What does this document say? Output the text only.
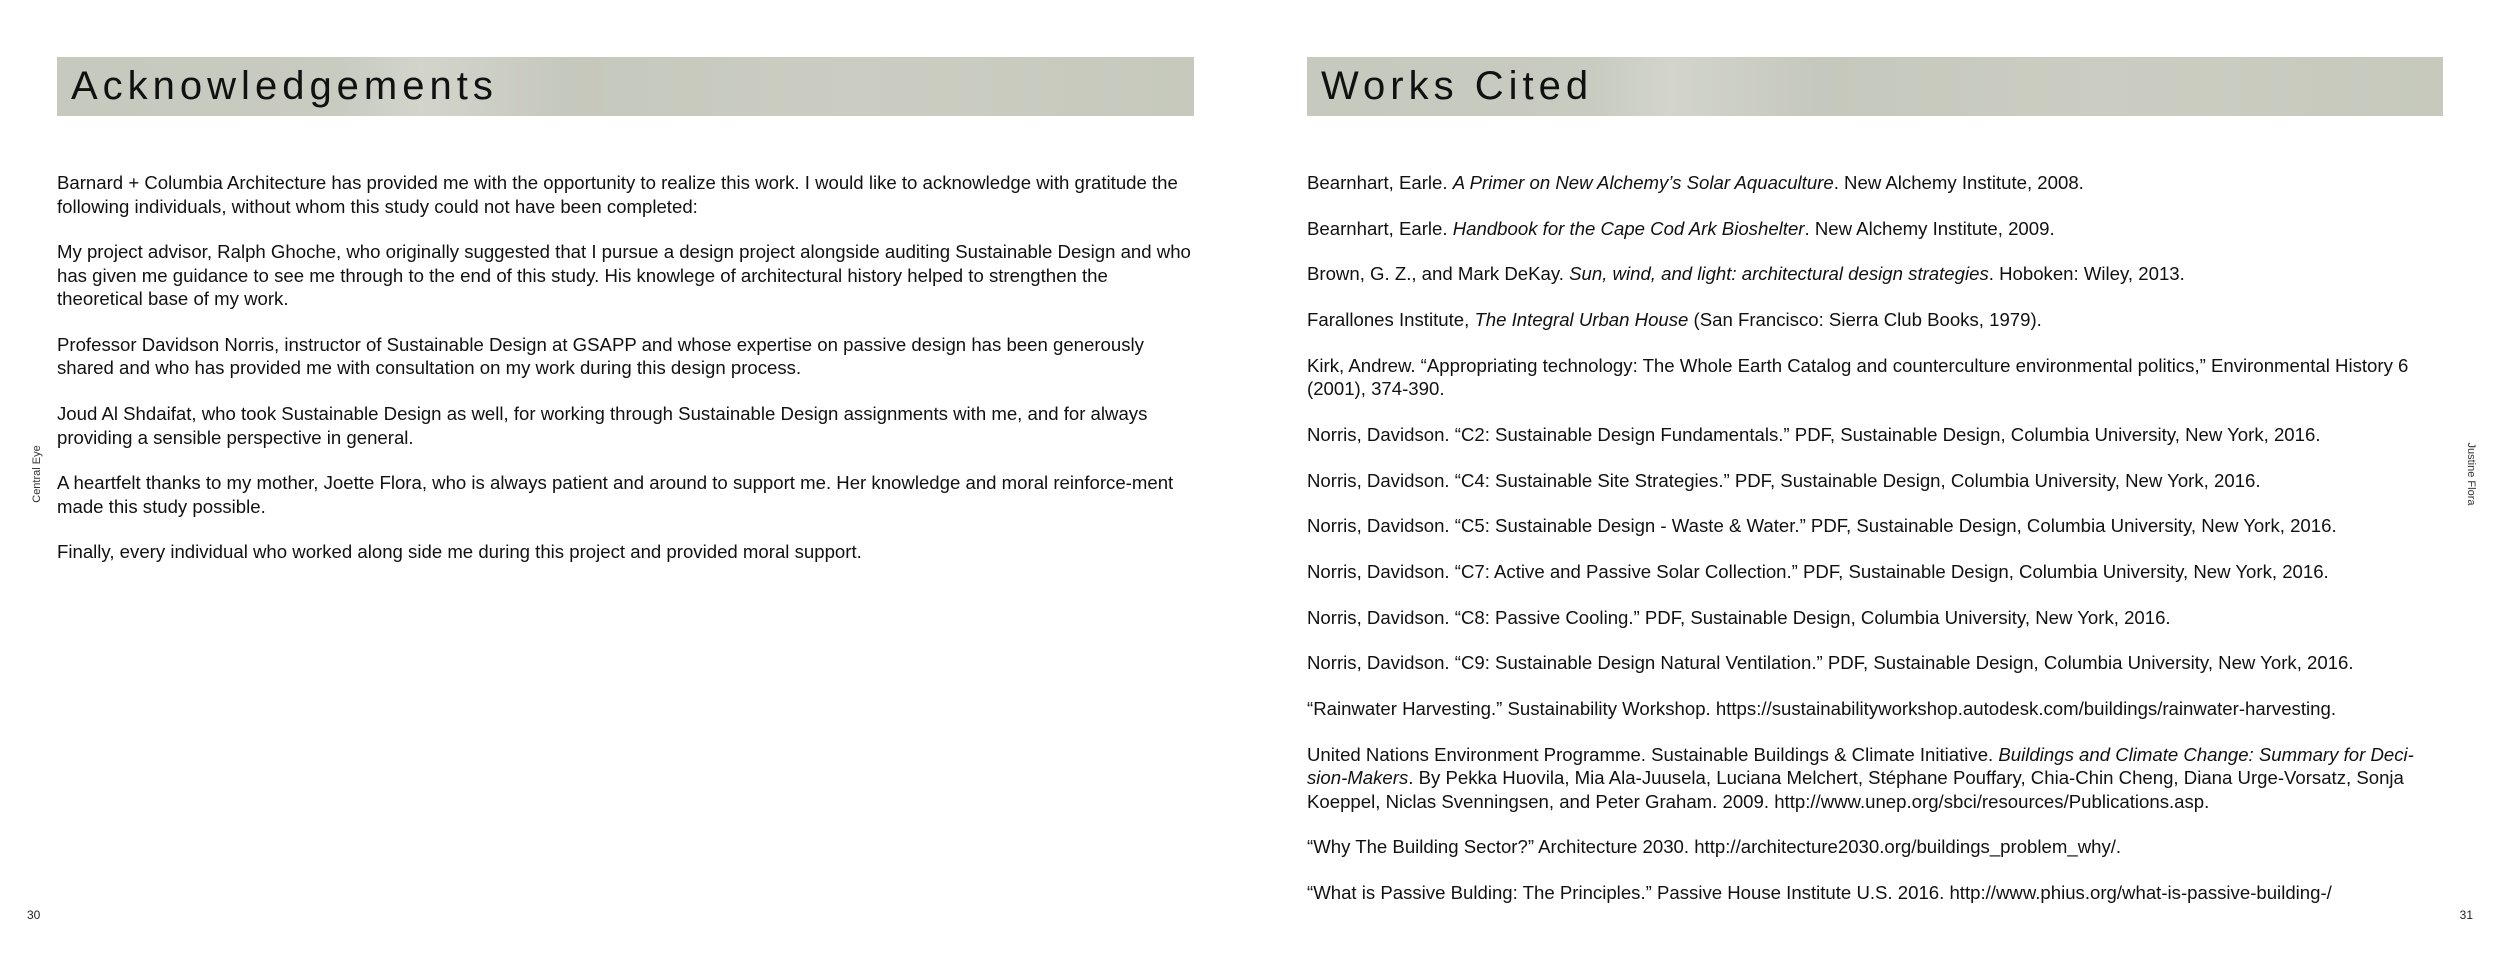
Acknowledgements

Barnard + Columbia Architecture has provided me with the opportunity to realize this work. I would like to acknowledge with gratitude the following individuals, without whom this study could not have been completed:

My project advisor, Ralph Ghoche, who originally suggested that I pursue a design project alongside auditing Sustainable Design and who has given me guidance to see me through to the end of this study. His knowlege of architectural history helped to strengthen the theoretical base of my work.

Professor Davidson Norris, instructor of Sustainable Design at GSAPP and whose expertise on passive design has been generously shared and who has provided me with consultation on my work during this design process.

Joud Al Shdaifat, who took Sustainable Design as well, for working through Sustainable Design assignments with me, and for always providing a sensible perspective in general.

A heartfelt thanks to my mother, Joette Flora, who is always patient and around to support me. Her knowledge and moral reinforce-ment made this study possible.

Finally, every individual who worked along side me during this project and provided moral support.

Central Eye
30
Works Cited

Bearnhart, Earle. A Primer on New Alchemy’s Solar Aquaculture. New Alchemy Institute, 2008.

Bearnhart, Earle. Handbook for the Cape Cod Ark Bioshelter. New Alchemy Institute, 2009.

Brown, G. Z., and Mark DeKay. Sun, wind, and light: architectural design strategies. Hoboken: Wiley, 2013.

Farallones Institute, The Integral Urban House (San Francisco: Sierra Club Books, 1979).

Kirk, Andrew. “Appropriating technology: The Whole Earth Catalog and counterculture environmental politics,” Environmental History 6 (2001), 374-390.

Norris, Davidson. “C2: Sustainable Design Fundamentals.” PDF, Sustainable Design, Columbia University, New York, 2016.

Norris, Davidson. “C4: Sustainable Site Strategies.” PDF, Sustainable Design, Columbia University, New York, 2016.

Norris, Davidson. “C5: Sustainable Design - Waste & Water.” PDF, Sustainable Design, Columbia University, New York, 2016.

Norris, Davidson. “C7: Active and Passive Solar Collection.” PDF, Sustainable Design, Columbia University, New York, 2016.

Norris, Davidson. “C8: Passive Cooling.” PDF, Sustainable Design, Columbia University, New York, 2016.

Norris, Davidson. “C9: Sustainable Design Natural Ventilation.” PDF, Sustainable Design, Columbia University, New York, 2016.

“Rainwater Harvesting.” Sustainability Workshop. https://sustainabilityworkshop.autodesk.com/buildings/rainwater-harvesting.

United Nations Environment Programme. Sustainable Buildings & Climate Initiative. Buildings and Climate Change: Summary for Deci-sion-Makers. By Pekka Huovila, Mia Ala-Juusela, Luciana Melchert, Stéphane Pouffary, Chia-Chin Cheng, Diana Urge-Vorsatz, Sonja Koeppel, Niclas Svenningsen, and Peter Graham. 2009. http://www.unep.org/sbci/resources/Publications.asp.

“Why The Building Sector?” Architecture 2030. http://architecture2030.org/buildings_problem_why/.

“What is Passive Bulding: The Principles.” Passive House Institute U.S. 2016. http://www.phius.org/what-is-passive-building-/

Justine Flora
31
